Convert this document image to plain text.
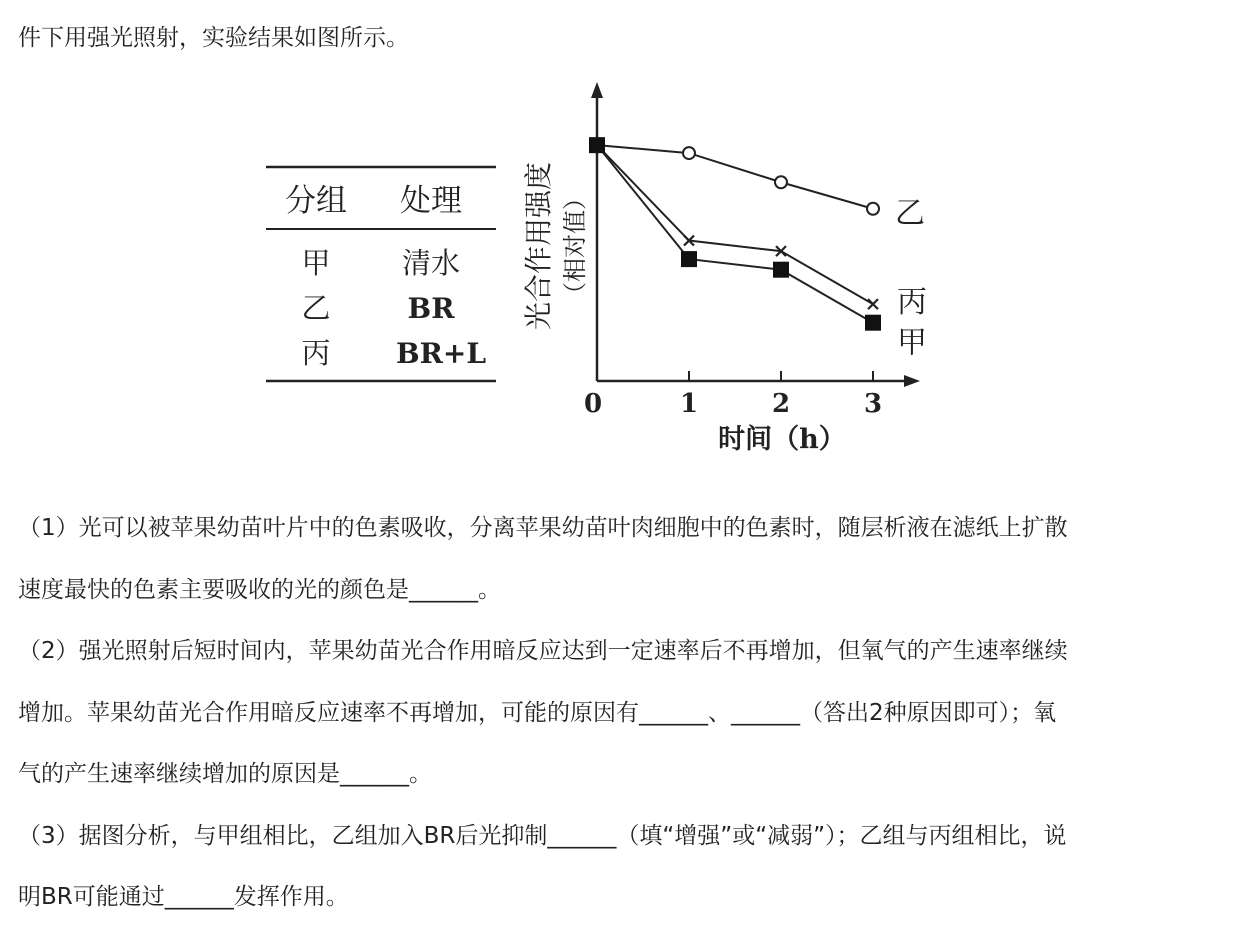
件下用强光照射，实验结果如图所示。
分组 处理
甲 清水
乙	BR
丙 BR+L
光合作用强度 （相对值）
0	1	2	3
乙
丙
甲
时间（h）
（1）光可以被苹果幼苗叶片中的色素吸收，分离苹果幼苗叶肉细胞中的色素时，随层析液在滤纸上扩散
速度最快的色素主要吸收的光的颜色是______。
（2）强光照射后短时间内，苹果幼苗光合作用暗反应达到一定速率后不再增加，但氧气的产生速率继续
增加。苹果幼苗光合作用暗反应速率不再增加，可能的原因有______、______（答出2种原因即可）；氧
气的产生速率继续增加的原因是______。
（3）据图分析，与甲组相比，乙组加入BR后光抑制______（填“增强”或“减弱”）；乙组与丙组相比，说
明BR可能通过______发挥作用。
